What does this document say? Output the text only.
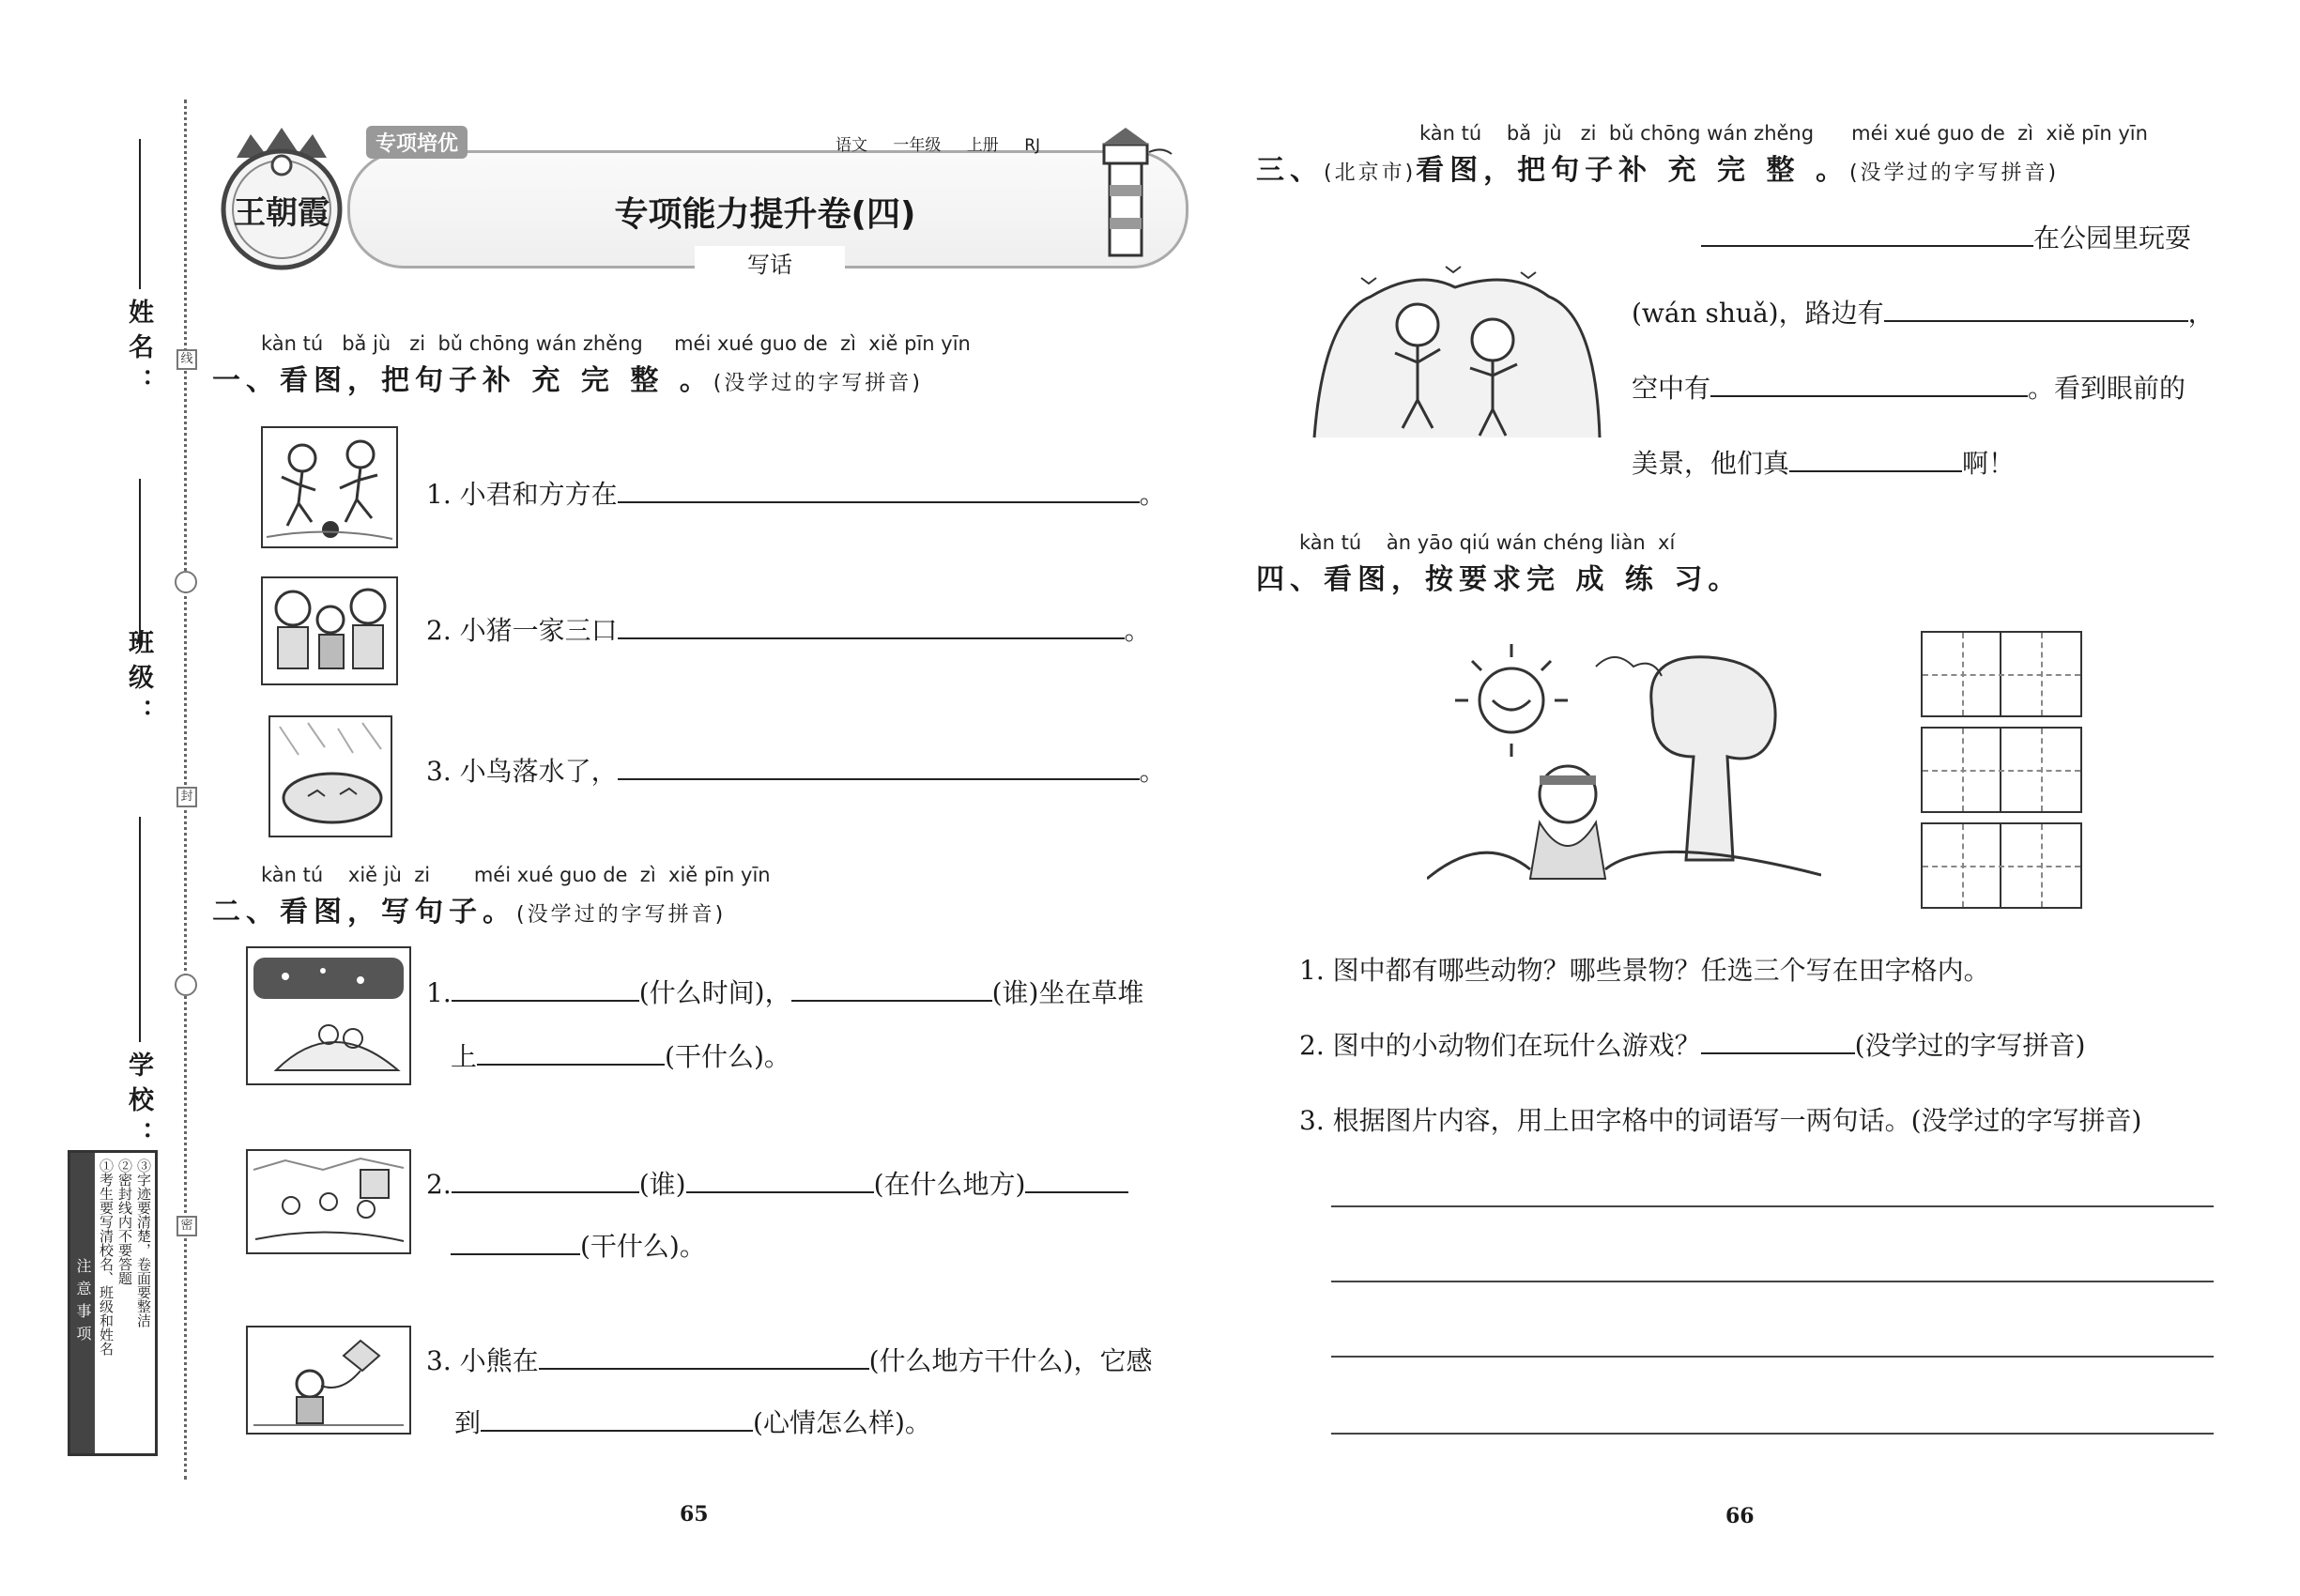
线
封
密
姓名：
班级：
学校：
注意事项 ①考生要写清校名、班级和姓名 ②密封线内不要答题 ③字迹要清楚，卷面要整洁
王朝霞
专项培优	语文 一年级 上册 RJ
专项能力提升卷(四)
写话
kàn tú   bǎ jù   zi  bǔ chōng wán zhěng     méi xué guo de  zì  xiě pīn yīn
一、看图，把句子补 充 完 整 。(没学过的字写拼音)
1. 小君和方方在	。
2. 小猪一家三口	。
3. 小鸟落水了，	。
kàn tú    xiě jù  zi       méi xué guo de  zì  xiě pīn yīn
二、看图，写句子。(没学过的字写拼音)
1.	(什么时间)，	(谁)坐在草堆
上	(干什么)。
2.	(谁)	(在什么地方)
(干什么)。
3. 小熊在	(什么地方干什么)，它感
到	(心情怎么样)。
65
kàn tú    bǎ  jù   zi  bǔ chōng wán zhěng      méi xué guo de  zì  xiě pīn yīn
三、(北京市)看图，把句子补 充 完 整 。(没学过的字写拼音)
在公园里玩耍
(wán shuǎ)，路边有	，
空中有	。看到眼前的
美景，他们真	啊！
kàn tú    àn yāo qiú wán chéng liàn  xí
四、看图，按要求完 成 练 习。
1. 图中都有哪些动物？哪些景物？任选三个写在田字格内。
2. 图中的小动物们在玩什么游戏？	(没学过的字写拼音)
3. 根据图片内容，用上田字格中的词语写一两句话。(没学过的字写拼音)
66
